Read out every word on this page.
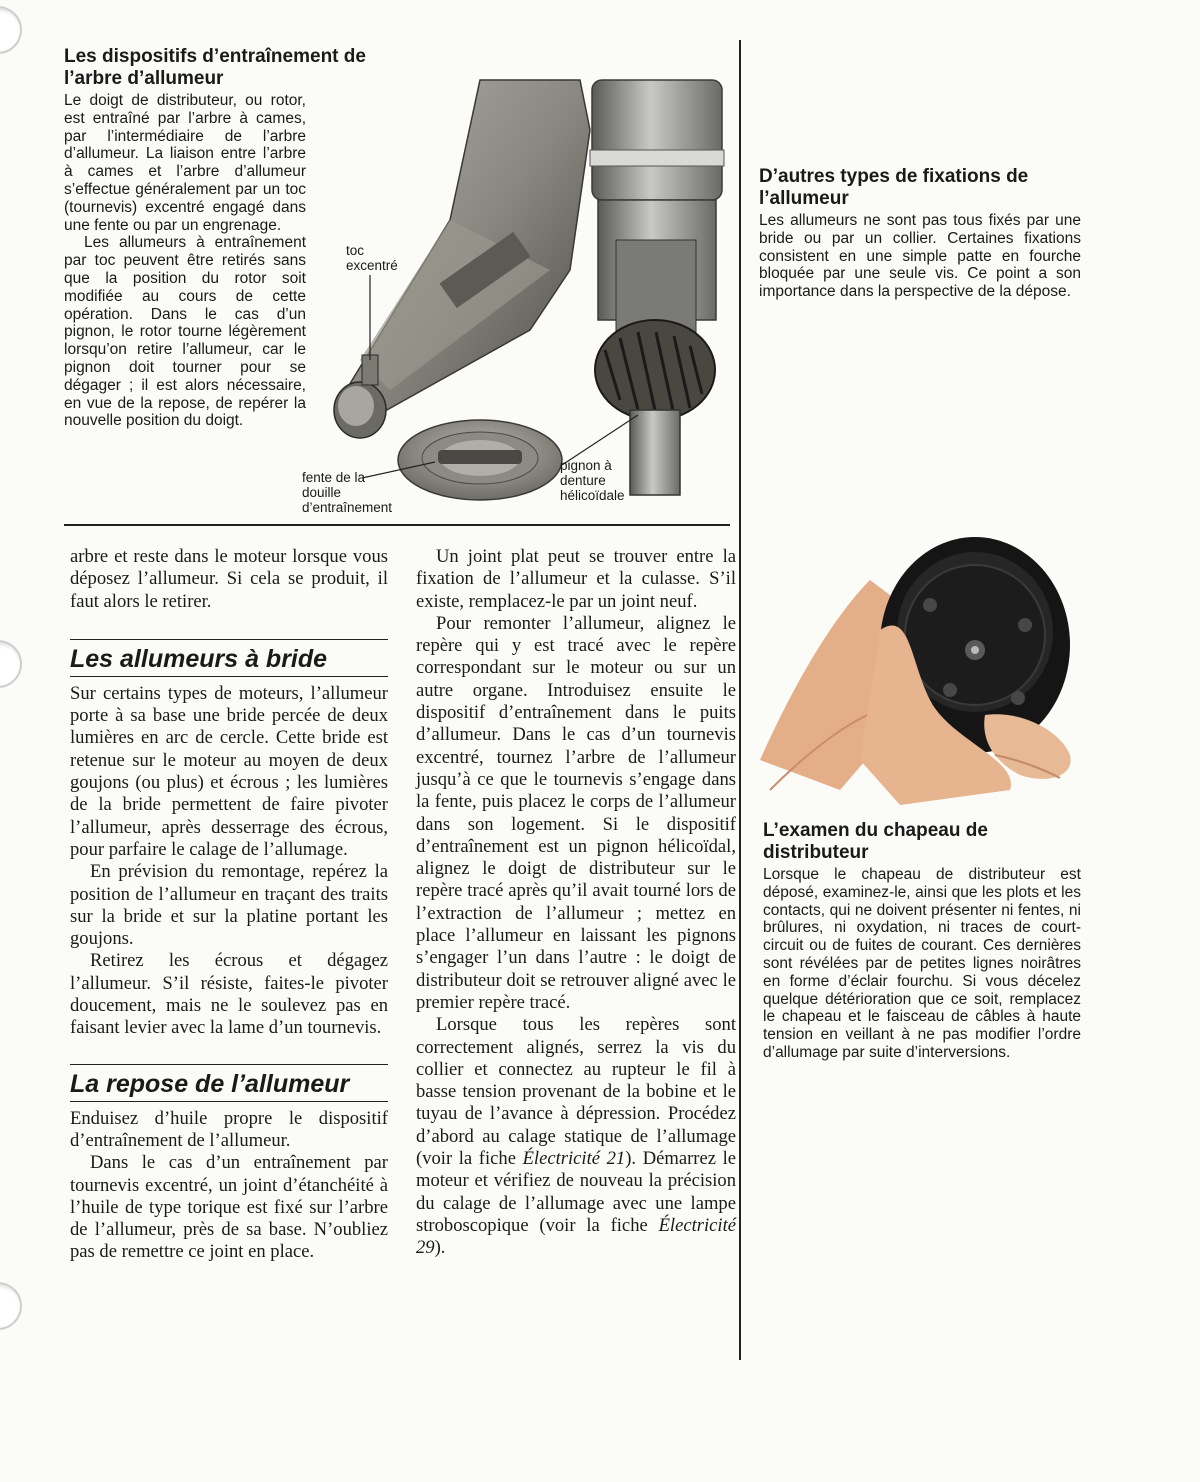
Les dispositifs d’entraînement de l’arbre d’allumeur

Le doigt de distributeur, ou rotor, est entraîné par l’arbre à cames, par l’intermédiaire de l’arbre d’allumeur. La liaison entre l’arbre à cames et l’arbre d’allumeur s’effectue généralement par un toc (tournevis) excentré engagé dans une fente ou par un engrenage.

Les allumeurs à entraînement par toc peuvent être retirés sans que la position du rotor soit modifiée au cours de cette opération. Dans le cas d’un pignon, le rotor tourne légèrement lorsqu’on retire l’allumeur, car le pignon doit tourner pour se dégager ; il est alors nécessaire, en vue de la repose, de repérer la nouvelle position du doigt.

toc excentré
fente de la douille d’entraînement
pignon à denture hélicoïdale
D’autres types de fixations de l’allumeur
Les allumeurs ne sont pas tous fixés par une bride ou par un collier. Certaines fixations consistent en une simple patte en fourche bloquée par une seule vis. Ce point a son importance dans la perspective de la dépose.
L’examen du chapeau de distributeur
Lorsque le chapeau de distributeur est déposé, examinez-le, ainsi que les plots et les contacts, qui ne doivent présenter ni fentes, ni brûlures, ni oxydation, ni traces de court-circuit ou de fuites de courant. Ces dernières sont révélées par de petites lignes noirâtres en forme d’éclair fourchu. Si vous décelez quelque détérioration que ce soit, remplacez le chapeau et le faisceau de câbles à haute tension en veillant à ne pas modifier l’ordre d’allumage par suite d’interversions.

arbre et reste dans le moteur lorsque vous déposez l’allumeur. Si cela se produit, il faut alors le retirer.

Les allumeurs à bride

Sur certains types de moteurs, l’allumeur porte à sa base une bride percée de deux lumières en arc de cercle. Cette bride est retenue sur le moteur au moyen de deux goujons (ou plus) et écrous ; les lumières de la bride permettent de faire pivoter l’allumeur, après desserrage des écrous, pour parfaire le calage de l’allumage.

En prévision du remontage, repérez la position de l’allumeur en traçant des traits sur la bride et sur la platine portant les goujons.

Retirez les écrous et dégagez l’allumeur. S’il résiste, faites-le pivoter doucement, mais ne le soulevez pas en faisant levier avec la lame d’un tournevis.

La repose de l’allumeur

Enduisez d’huile propre le dispositif d’entraînement de l’allumeur.

Dans le cas d’un entraînement par tournevis excentré, un joint d’étanchéité à l’huile de type torique est fixé sur l’arbre de l’allumeur, près de sa base. N’oubliez pas de remettre ce joint en place.

Un joint plat peut se trouver entre la fixation de l’allumeur et la culasse. S’il existe, remplacez-le par un joint neuf.

Pour remonter l’allumeur, alignez le repère qui y est tracé avec le repère correspondant sur le moteur ou sur un autre organe. Introduisez ensuite le dispositif d’entraînement dans le puits d’allumeur. Dans le cas d’un tournevis excentré, tournez l’arbre de l’allumeur jusqu’à ce que le tournevis s’engage dans la fente, puis placez le corps de l’allumeur dans son logement. Si le dispositif d’entraînement est un pignon hélicoïdal, alignez le doigt de distributeur sur le repère tracé après qu’il avait tourné lors de l’extraction de l’allumeur ; mettez en place l’allumeur en laissant les pignons s’engager l’un dans l’autre : le doigt de distributeur doit se retrouver aligné avec le premier repère tracé.

Lorsque tous les repères sont correctement alignés, serrez la vis du collier et connectez au rupteur le fil à basse tension provenant de la bobine et le tuyau de l’avance à dépression. Procédez d’abord au calage statique de l’allumage (voir la fiche Électricité 21). Démarrez le moteur et vérifiez de nouveau la précision du calage de l’allumage avec une lampe stroboscopique (voir la fiche Électricité 29).
